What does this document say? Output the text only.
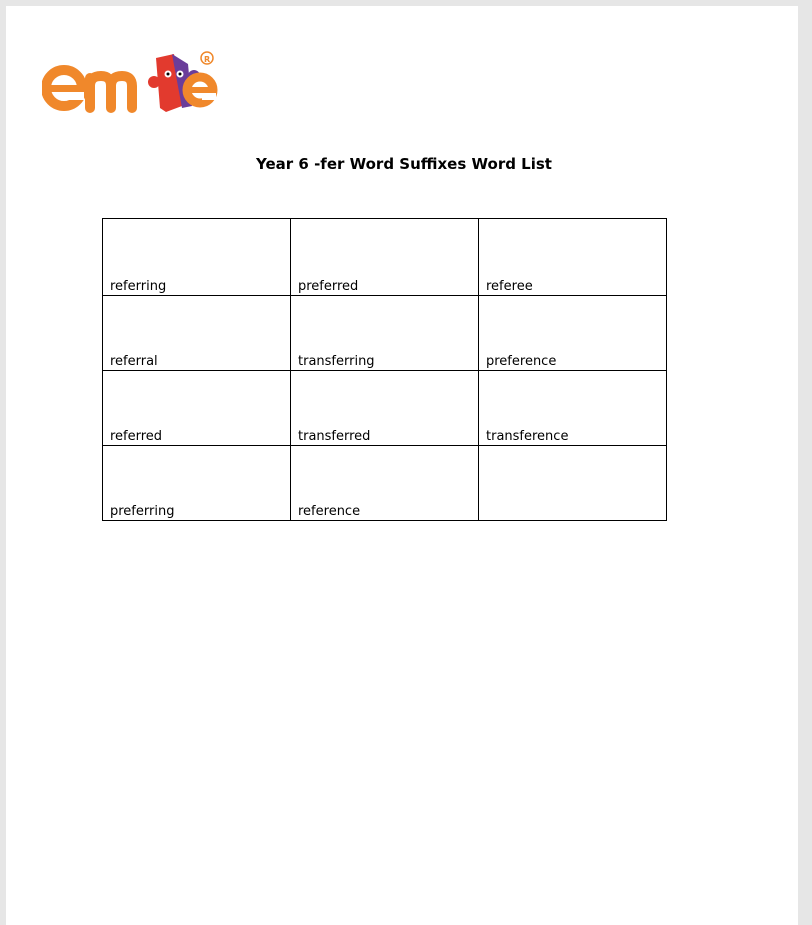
R
Year 6 -fer Word Suffixes Word List
referring	preferred	referee
referral	transferring	preference
referred	transferred	transference
preferring	reference	
